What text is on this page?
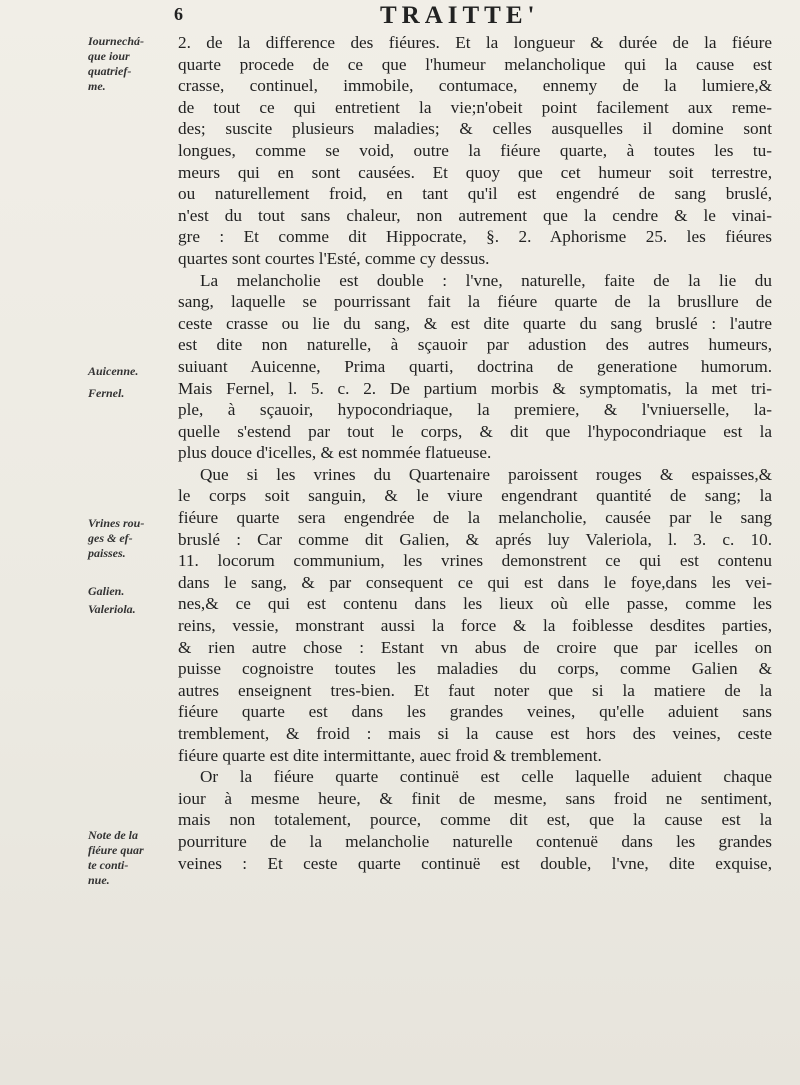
6	TRAITTE'
Iournechá-
que iour
quatrief-
me.
Auicenne.
Fernel.
Vrines rou-
ges & ef-
paisses.
Galien.
Valeriola.
Note de la
fiéure quar
te conti-
nue.
2. de la difference des fiéures. Et la longueur & durée de la fiéure
quarte procede de ce que l'humeur melancholique qui la cause est
crasse, continuel, immobile, contumace, ennemy de la lumiere,&
de tout ce qui entretient la vie;n'obeit point facilement aux reme-
des; suscite plusieurs maladies; & celles ausquelles il domine sont
longues, comme se void, outre la fiéure quarte, à toutes les tu-
meurs qui en sont causées. Et quoy que cet humeur soit terrestre,
ou naturellement froid, en tant qu'il est engendré de sang bruslé,
n'est du tout sans chaleur, non autrement que la cendre & le vinai-
gre : Et comme dit Hippocrate, §. 2. Aphorisme 25. les fiéures
quartes sont courtes l'Esté, comme cy dessus.
La melancholie est double : l'vne, naturelle, faite de la lie du
sang, laquelle se pourrissant fait la fiéure quarte de la brusllure de
ceste crasse ou lie du sang, & est dite quarte du sang bruslé : l'autre
est dite non naturelle, à sçauoir par adustion des autres humeurs,
suiuant Auicenne, Prima quarti, doctrina de generatione humorum.
Mais Fernel, l. 5. c. 2. De partium morbis & symptomatis, la met tri-
ple, à sçauoir, hypocondriaque, la premiere, & l'vniuerselle, la-
quelle s'estend par tout le corps, & dit que l'hypocondriaque est la
plus douce d'icelles, & est nommée flatueuse.
Que si les vrines du Quartenaire paroissent rouges & espaisses,&
le corps soit sanguin, & le viure engendrant quantité de sang; la
fiéure quarte sera engendrée de la melancholie, causée par le sang
bruslé : Car comme dit Galien, & aprés luy Valeriola, l. 3. c. 10.
11. locorum communium, les vrines demonstrent ce qui est contenu
dans le sang, & par consequent ce qui est dans le foye,dans les vei-
nes,& ce qui est contenu dans les lieux où elle passe, comme les
reins, vessie, monstrant aussi la force & la foiblesse desdites parties,
& rien autre chose : Estant vn abus de croire que par icelles on
puisse cognoistre toutes les maladies du corps, comme Galien &
autres enseignent tres-bien. Et faut noter que si la matiere de la
fiéure quarte est dans les grandes veines, qu'elle aduient sans
tremblement, & froid : mais si la cause est hors des veines, ceste
fiéure quarte est dite intermittante, auec froid & tremblement.
Or la fiéure quarte continuë est celle laquelle aduient chaque
iour à mesme heure, & finit de mesme, sans froid ne sentiment,
mais non totalement, pource, comme dit est, que la cause est la
pourriture de la melancholie naturelle contenuë dans les grandes
veines : Et ceste quarte continuë est double, l'vne, dite exquise,
